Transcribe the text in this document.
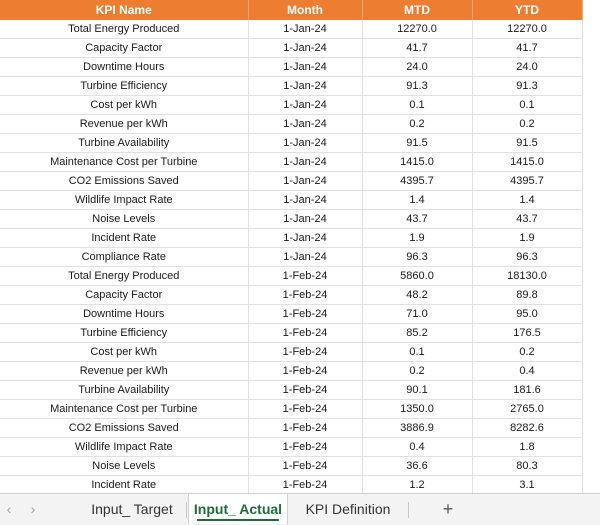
KPI Name	Month	MTD	YTD
Total Energy Produced	1-Jan-24	12270.0	12270.0
Capacity Factor	1-Jan-24	41.7	41.7
Downtime Hours	1-Jan-24	24.0	24.0
Turbine Efficiency	1-Jan-24	91.3	91.3
Cost per kWh	1-Jan-24	0.1	0.1
Revenue per kWh	1-Jan-24	0.2	0.2
Turbine Availability	1-Jan-24	91.5	91.5
Maintenance Cost per Turbine	1-Jan-24	1415.0	1415.0
CO2 Emissions Saved	1-Jan-24	4395.7	4395.7
Wildlife Impact Rate	1-Jan-24	1.4	1.4
Noise Levels	1-Jan-24	43.7	43.7
Incident Rate	1-Jan-24	1.9	1.9
Compliance Rate	1-Jan-24	96.3	96.3
Total Energy Produced	1-Feb-24	5860.0	18130.0
Capacity Factor	1-Feb-24	48.2	89.8
Downtime Hours	1-Feb-24	71.0	95.0
Turbine Efficiency	1-Feb-24	85.2	176.5
Cost per kWh	1-Feb-24	0.1	0.2
Revenue per kWh	1-Feb-24	0.2	0.4
Turbine Availability	1-Feb-24	90.1	181.6
Maintenance Cost per Turbine	1-Feb-24	1350.0	2765.0
CO2 Emissions Saved	1-Feb-24	3886.9	8282.6
Wildlife Impact Rate	1-Feb-24	0.4	1.8
Noise Levels	1-Feb-24	36.6	80.3
Incident Rate	1-Feb-24	1.2	3.1

‹	›	Input_ Target	Input_ Actual	KPI Definition	+
